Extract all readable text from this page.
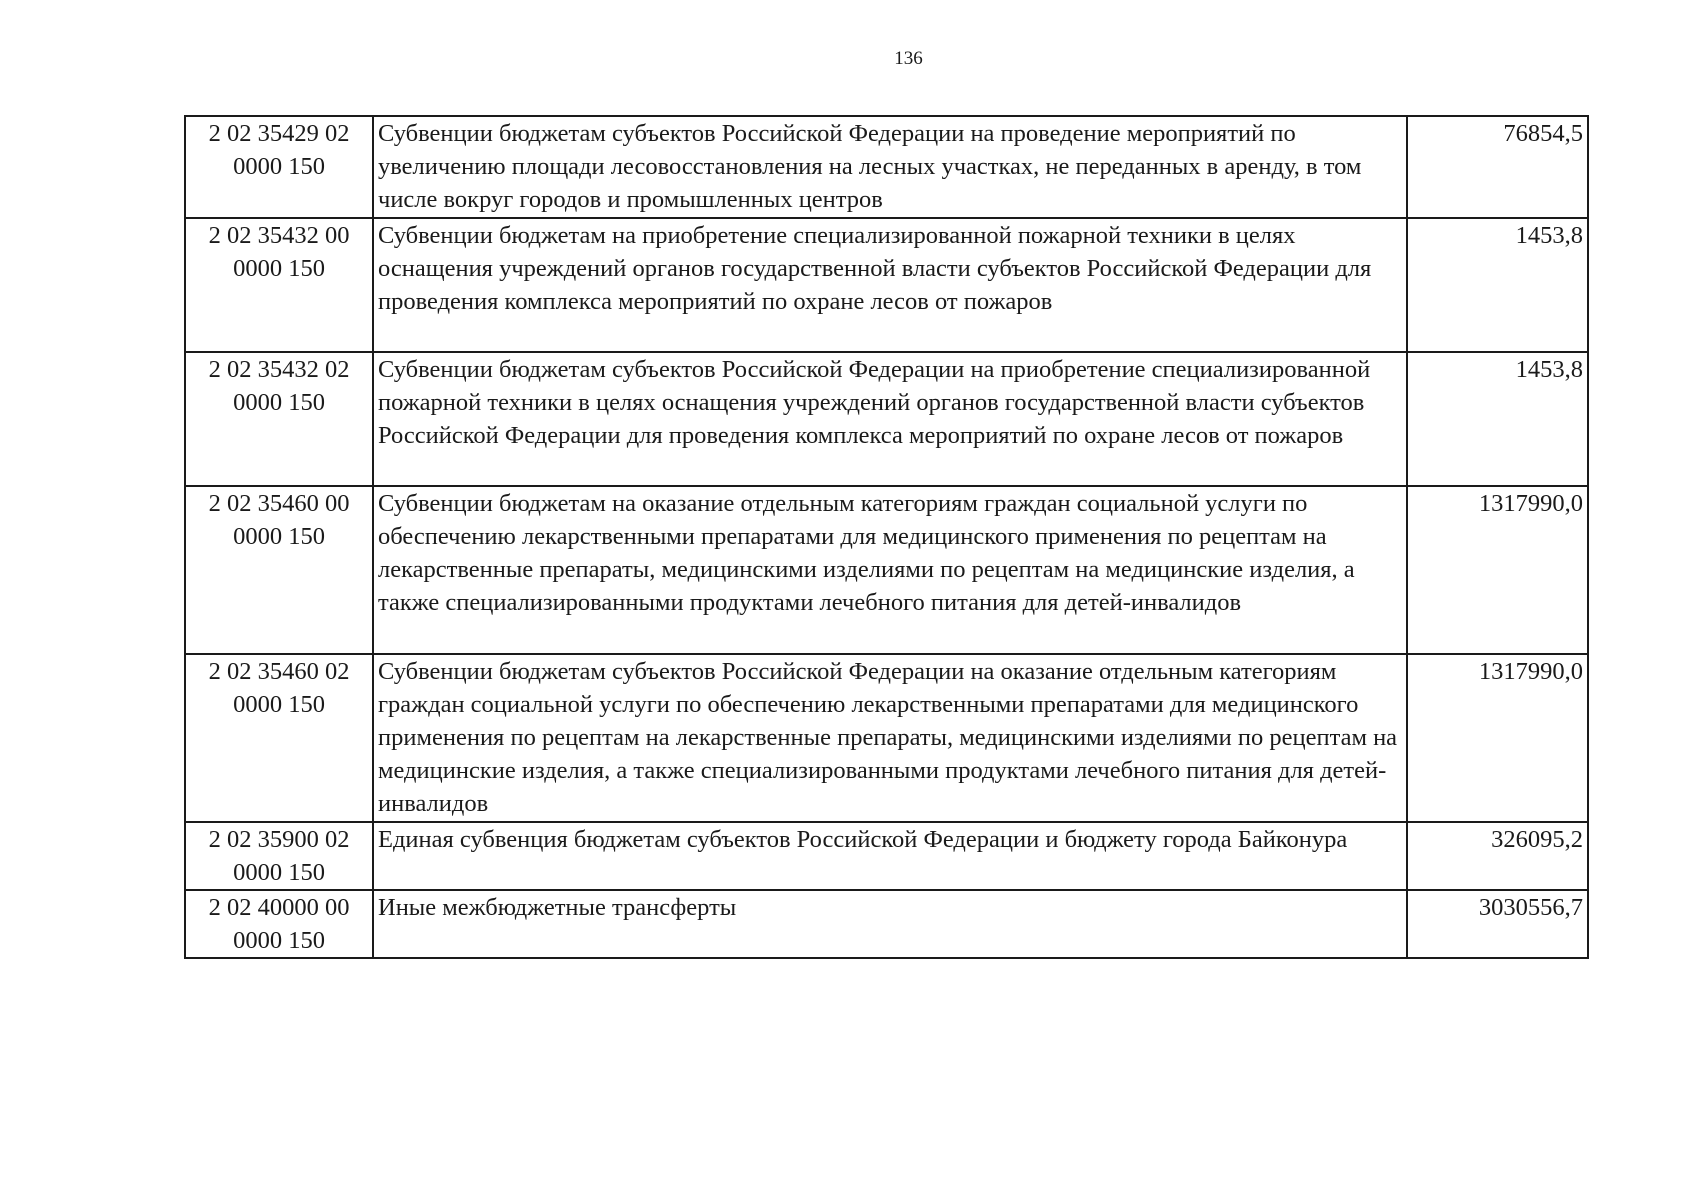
136
2 02 35429 02
0000 150	Субвенции бюджетам субъектов Российской Федерации на проведение мероприятий по увеличению площади лесовосстановления на лесных участках, не переданных в аренду, в том числе вокруг городов и промышленных центров	76854,5

2 02 35432 00
0000 150	Субвенции бюджетам на приобретение специализированной пожарной техники в целях оснащения учреждений органов государственной власти субъектов Российской Федерации для проведения комплекса мероприятий по охране лесов от пожаров	1453,8

2 02 35432 02
0000 150	Субвенции бюджетам субъектов Российской Федерации на приобретение специализированной пожарной техники в целях оснащения учреждений органов государственной власти субъектов Российской Федерации для проведения комплекса мероприятий по охране лесов от пожаров	1453,8

2 02 35460 00
0000 150	Субвенции бюджетам на оказание отдельным категориям граждан социальной услуги по обеспечению лекарственными препаратами для медицинского применения по рецептам на лекарственные препараты, медицинскими изделиями по рецептам на медицинские изделия, а также специализированными продуктами лечебного питания для детей-инвалидов	1317990,0

2 02 35460 02
0000 150	Субвенции бюджетам субъектов Российской Федерации на оказание отдельным категориям граждан социальной услуги по обеспечению лекарственными препаратами для медицинского применения по рецептам на лекарственные препараты, медицинскими изделиями по рецептам на медицинские изделия, а также специализированными продуктами лечебного питания для детей-инвалидов	1317990,0

2 02 35900 02
0000 150	Единая субвенция бюджетам субъектов Российской Федерации и бюджету города Байконура	326095,2

2 02 40000 00
0000 150	Иные межбюджетные трансферты	3030556,7
